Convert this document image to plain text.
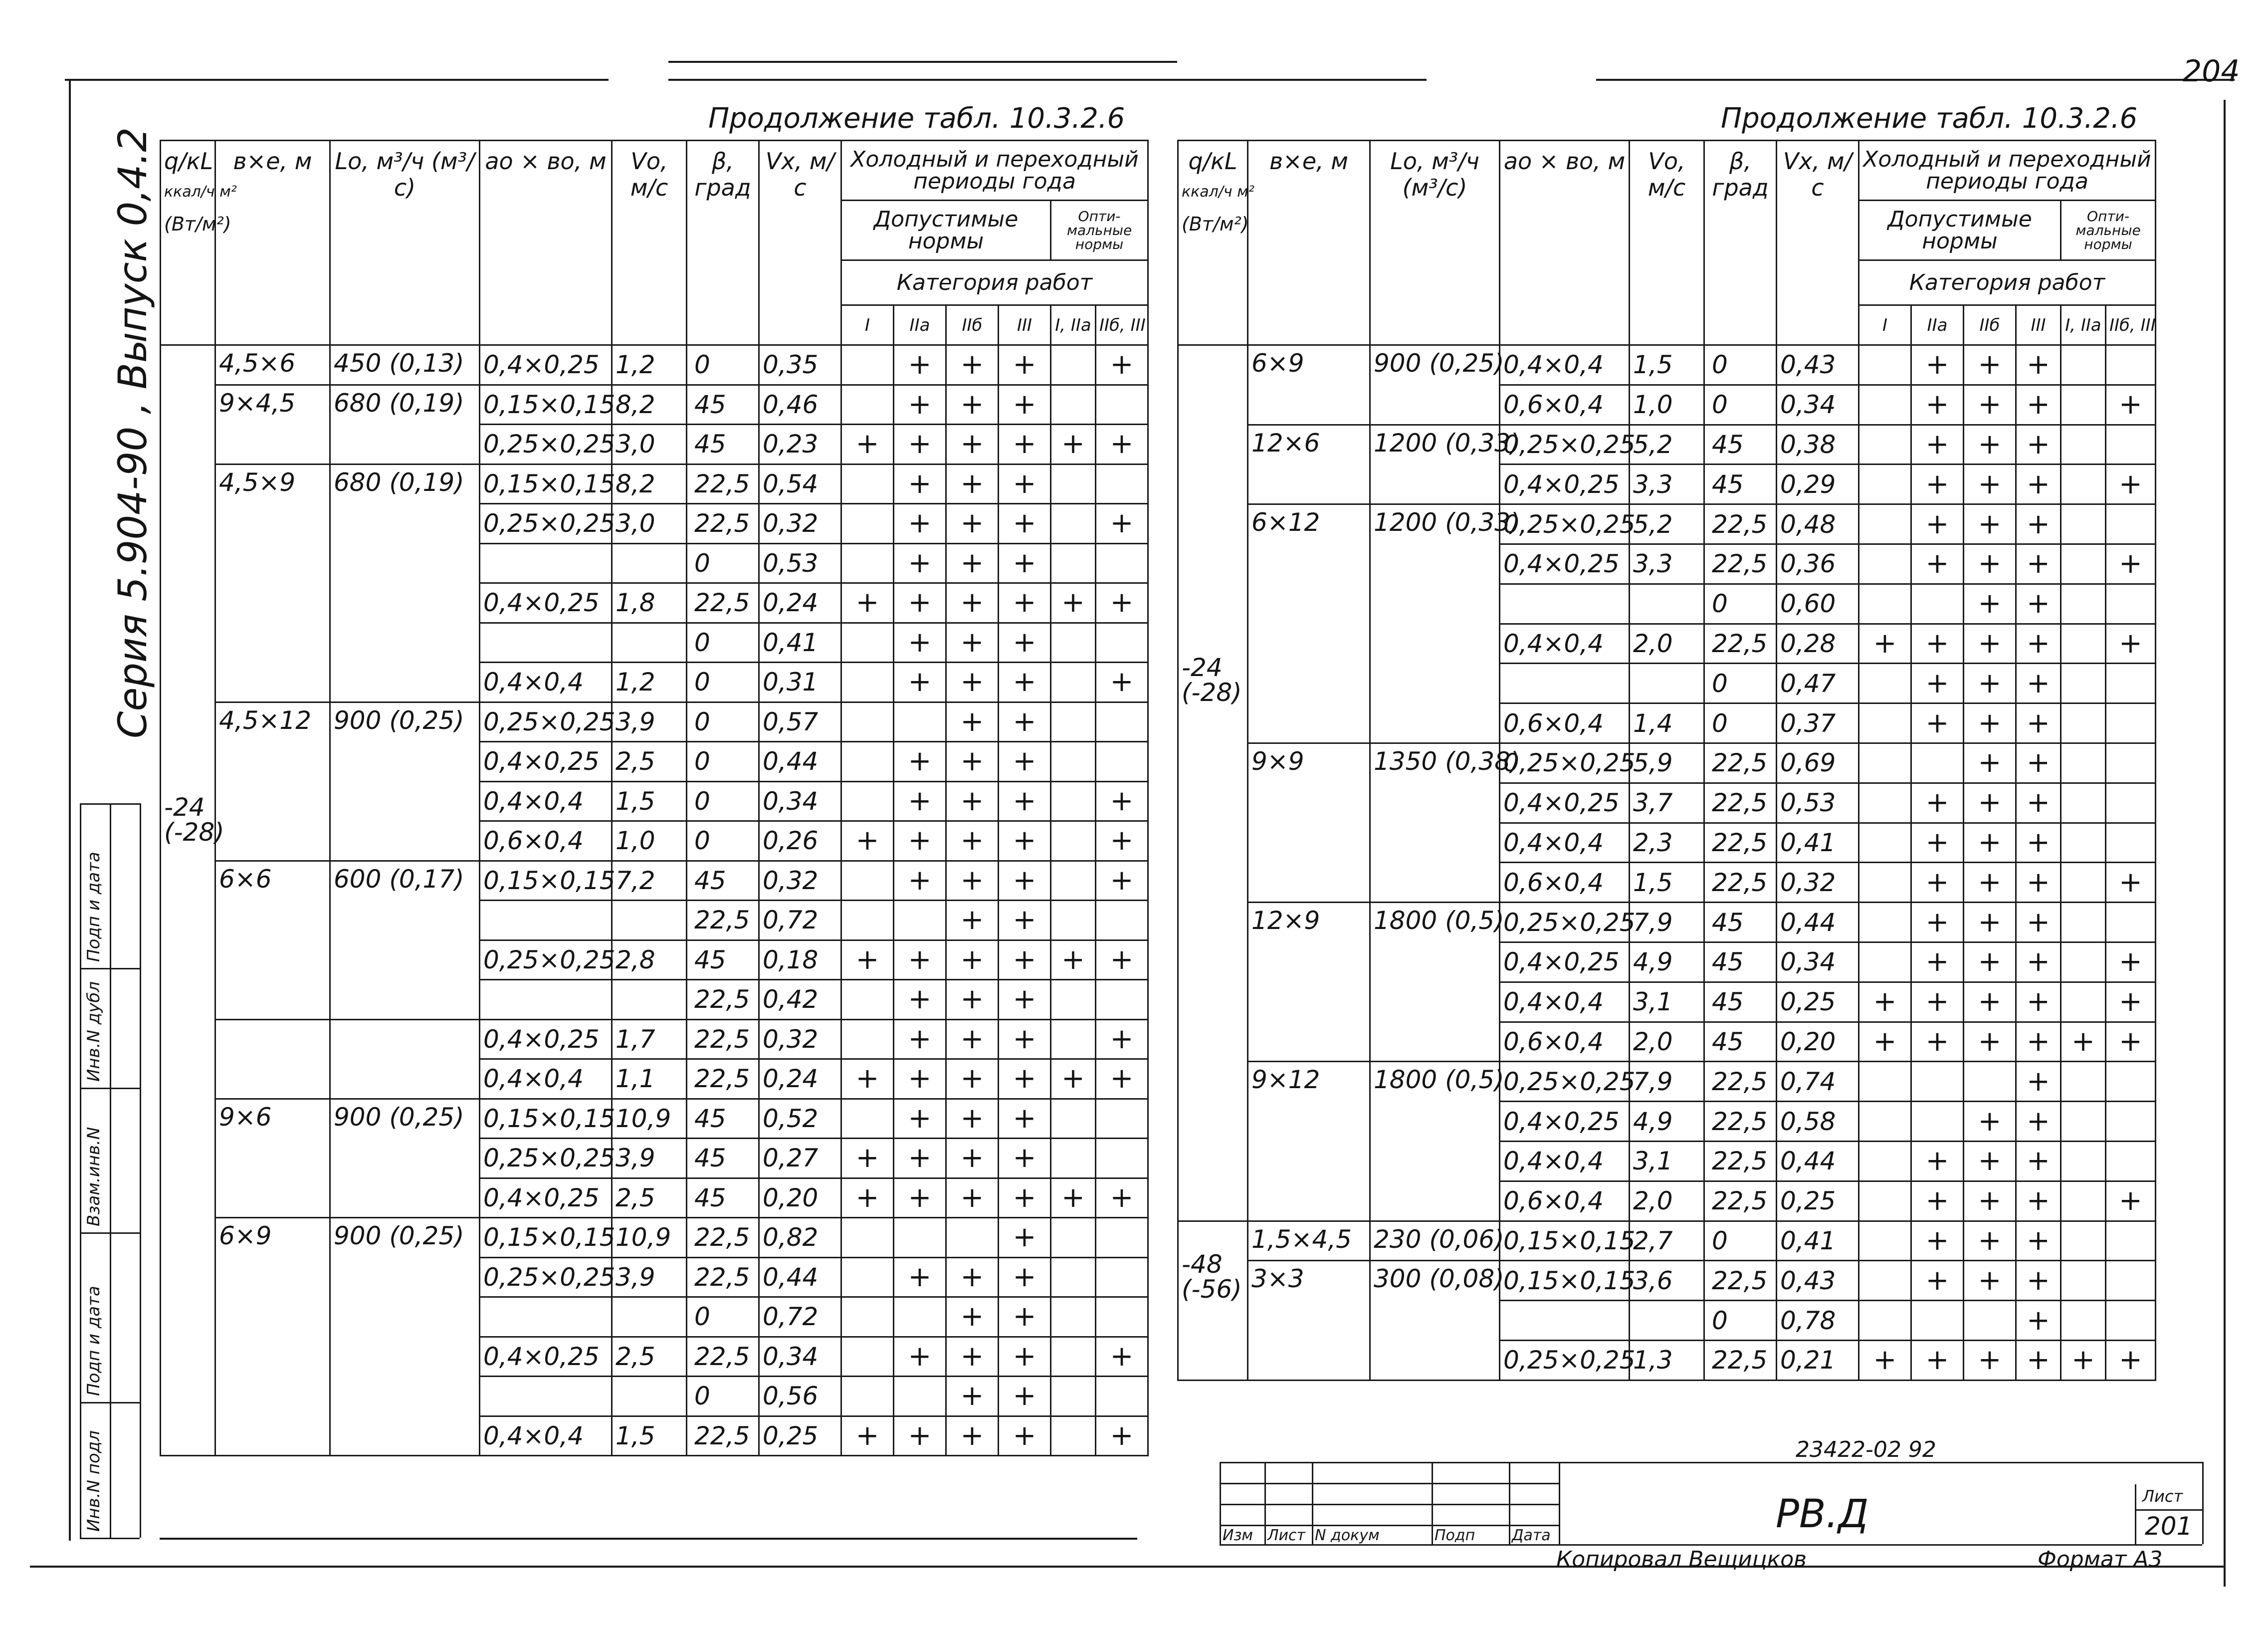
204
Серия 5.904-90 , Выпуск 0,4.2
Инв.N подл
Подп и дата
Взам.инв.N
Инв.N дубл
Подп и дата
Продолжение табл. 10.3.2.6	Продолжение табл. 10.3.2.6
q/кL
ккал/ч м²
(Вт/м²)	в×е, м	Lо, м³/ч (м³/с)	ао × во, м	Vо, м/с	β, град	Vх, м/с	Холодный и переходный периоды года					
							Допустимые нормы				Опти- мальные нормы	
							Категория работ					
							I	IIа	IIб	III	I, IIа	IIб, III

-24
(-28)	4,5×6	450 (0,13)	0,4×0,25	1,2	0	0,35		+	+	+		+
	9×4,5	680 (0,19)	0,15×0,15	8,2	45	0,46		+	+	+		
			0,25×0,25	3,0	45	0,23	+	+	+	+	+	+
	4,5×9	680 (0,19)	0,15×0,15	8,2	22,5	0,54		+	+	+		
			0,25×0,25	3,0	22,5	0,32		+	+	+		+
					0	0,53		+	+	+		
			0,4×0,25	1,8	22,5	0,24	+	+	+	+	+	+
					0	0,41		+	+	+		
			0,4×0,4	1,2	0	0,31		+	+	+		+
	4,5×12	900 (0,25)	0,25×0,25	3,9	0	0,57			+	+		
			0,4×0,25	2,5	0	0,44		+	+	+		
			0,4×0,4	1,5	0	0,34		+	+	+		+
			0,6×0,4	1,0	0	0,26	+	+	+	+		+
	6×6	600 (0,17)	0,15×0,15	7,2	45	0,32		+	+	+		+
					22,5	0,72			+	+		
			0,25×0,25	2,8	45	0,18	+	+	+	+	+	+
					22,5	0,42		+	+	+		
			0,4×0,25	1,7	22,5	0,32		+	+	+		+
			0,4×0,4	1,1	22,5	0,24	+	+	+	+	+	+
	9×6	900 (0,25)	0,15×0,15	10,9	45	0,52		+	+	+		
			0,25×0,25	3,9	45	0,27	+	+	+	+		
			0,4×0,25	2,5	45	0,20	+	+	+	+	+	+
	6×9	900 (0,25)	0,15×0,15	10,9	22,5	0,82				+		
			0,25×0,25	3,9	22,5	0,44		+	+	+		
					0	0,72			+	+		
			0,4×0,25	2,5	22,5	0,34		+	+	+		+
					0	0,56			+	+		
			0,4×0,4	1,5	22,5	0,25	+	+	+	+		+
q/кL
ккал/ч м²
(Вт/м²)	в×е, м	Lо, м³/ч (м³/с)	ао × во, м	Vо, м/с	β, град	Vх, м/с	Холодный и переходный периоды года					
							Допустимые нормы				Опти- мальные нормы	
							Категория работ					
							I	IIа	IIб	III	I, IIа	IIб, III

-24
(-28)	6×9	900 (0,25)	0,4×0,4	1,5	0	0,43		+	+	+		
			0,6×0,4	1,0	0	0,34		+	+	+		+
	12×6	1200 (0,33)	0,25×0,25	5,2	45	0,38		+	+	+		
			0,4×0,25	3,3	45	0,29		+	+	+		+
	6×12	1200 (0,33)	0,25×0,25	5,2	22,5	0,48		+	+	+		
			0,4×0,25	3,3	22,5	0,36		+	+	+		+
					0	0,60			+	+		
			0,4×0,4	2,0	22,5	0,28	+	+	+	+		+
					0	0,47		+	+	+		
			0,6×0,4	1,4	0	0,37		+	+	+		
	9×9	1350 (0,38)	0,25×0,25	5,9	22,5	0,69			+	+		
			0,4×0,25	3,7	22,5	0,53		+	+	+		
			0,4×0,4	2,3	22,5	0,41		+	+	+		
			0,6×0,4	1,5	22,5	0,32		+	+	+		+
	12×9	1800 (0,5)	0,25×0,25	7,9	45	0,44		+	+	+		
			0,4×0,25	4,9	45	0,34		+	+	+		+
			0,4×0,4	3,1	45	0,25	+	+	+	+		+
			0,6×0,4	2,0	45	0,20	+	+	+	+	+	+
	9×12	1800 (0,5)	0,25×0,25	7,9	22,5	0,74				+		
			0,4×0,25	4,9	22,5	0,58			+	+		
			0,4×0,4	3,1	22,5	0,44		+	+	+		
			0,6×0,4	2,0	22,5	0,25		+	+	+		+

-48
(-56)	1,5×4,5	230 (0,06)	0,15×0,15	2,7	0	0,41		+	+	+		
	3×3	300 (0,08)	0,15×0,15	3,6	22,5	0,43		+	+	+		
					0	0,78				+		
			0,25×0,25	1,3	22,5	0,21	+	+	+	+	+	+
Изм Лист N докум	Подп Дата
23422-02 92
РВ.Д	Лист
201
Копировал Вещицков	Формат А3
